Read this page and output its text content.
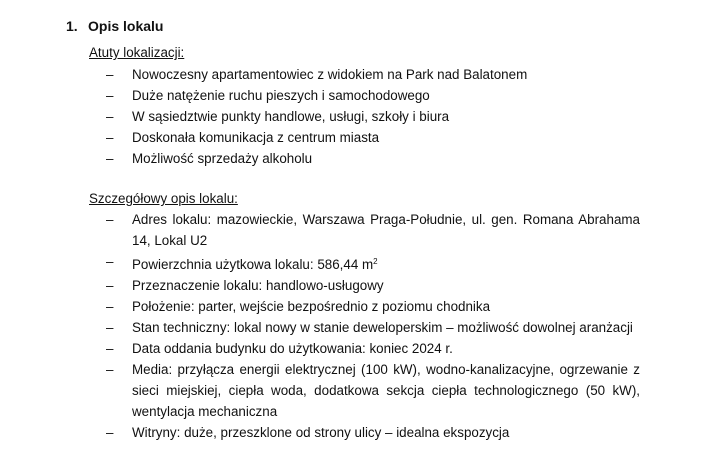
1. Opis lokalu
Atuty lokalizacji:
–	Nowoczesny apartamentowiec z widokiem na Park nad Balatonem
–	Duże natężenie ruchu pieszych i samochodowego
–	W sąsiedztwie punkty handlowe, usługi, szkoły i biura
–	Doskonała komunikacja z centrum miasta
–	Możliwość sprzedaży alkoholu
Szczegółowy opis lokalu:
–	Adres lokalu: mazowieckie, Warszawa Praga-Południe, ul. gen. Romana Abrahama 14, Lokal U2
–	Powierzchnia użytkowa lokalu: 586,44 $m^2$
–	Przeznaczenie lokalu: handlowo-usługowy
–	Położenie: parter, wejście bezpośrednio z poziomu chodnika
–	Stan techniczny: lokal nowy w stanie deweloperskim – możliwość dowolnej aranżacji
–	Data oddania budynku do użytkowania: koniec 2024 r.
–	Media: przyłącza energii elektrycznej (100 kW), wodno-kanalizacyjne, ogrzewanie z sieci miejskiej, ciepła woda, dodatkowa sekcja ciepła technologicznego (50 kW), wentylacja mechaniczna
–	Witryny: duże, przeszklone od strony ulicy – idealna ekspozycja
